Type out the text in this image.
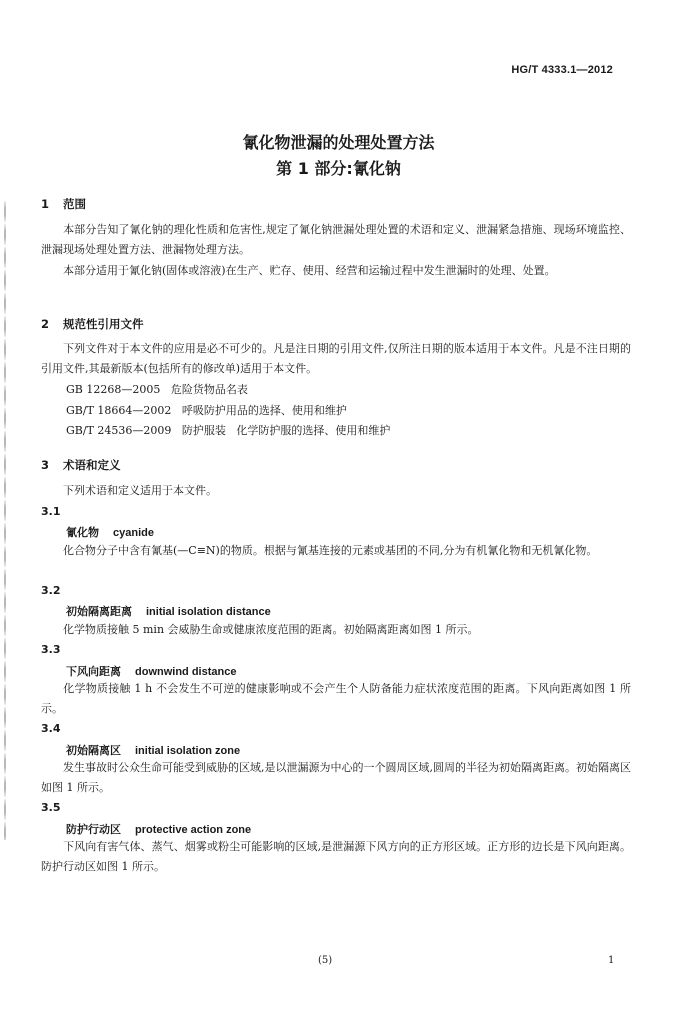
HG/T 4333.1—2012
氰化物泄漏的处理处置方法
第 1 部分:氰化钠
1 范围
本部分告知了氰化钠的理化性质和危害性,规定了氰化钠泄漏处理处置的术语和定义、泄漏紧急措施、现场环境监控、泄漏现场处理处置方法、泄漏物处理方法。
本部分适用于氰化钠(固体或溶液)在生产、贮存、使用、经营和运输过程中发生泄漏时的处理、处置。
2 规范性引用文件
下列文件对于本文件的应用是必不可少的。凡是注日期的引用文件,仅所注日期的版本适用于本文件。凡是不注日期的引用文件,其最新版本(包括所有的修改单)适用于本文件。
GB 12268—2005   危险货物品名表
GB/T 18664—2002   呼吸防护用品的选择、使用和维护
GB/T 24536—2009   防护服装   化学防护服的选择、使用和维护
3 术语和定义
下列术语和定义适用于本文件。
3.1
氰化物 cyanide
化合物分子中含有氰基(—C≡N)的物质。根据与氰基连接的元素或基团的不同,分为有机氰化物和无机氰化物。
3.2
初始隔离距离 initial isolation distance
化学物质接触 5 min 会威胁生命或健康浓度范围的距离。初始隔离距离如图 1 所示。
3.3
下风向距离 downwind distance
化学物质接触 1 h 不会发生不可逆的健康影响或不会产生个人防备能力症状浓度范围的距离。下风向距离如图 1 所示。
3.4
初始隔离区 initial isolation zone
发生事故时公众生命可能受到威胁的区域,是以泄漏源为中心的一个圆周区域,圆周的半径为初始隔离距离。初始隔离区如图 1 所示。
3.5
防护行动区 protective action zone
下风向有害气体、蒸气、烟雾或粉尘可能影响的区域,是泄漏源下风方向的正方形区域。正方形的边长是下风向距离。防护行动区如图 1 所示。
(5)	1
